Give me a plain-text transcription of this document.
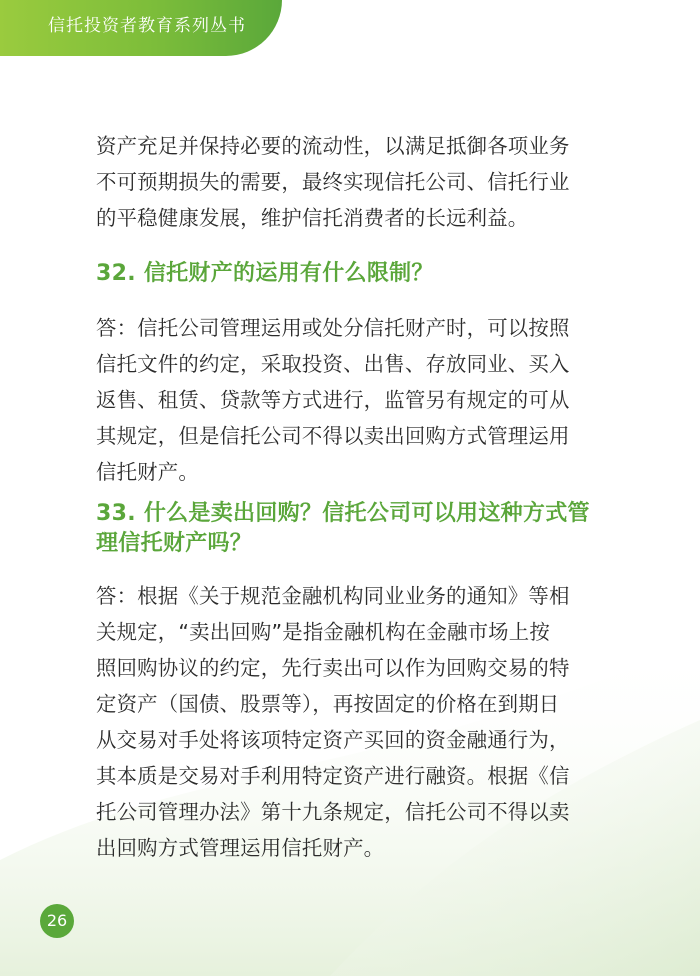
信托投资者教育系列丛书
资产充足并保持必要的流动性，以满足抵御各项业务
不可预期损失的需要，最终实现信托公司、信托行业
的平稳健康发展，维护信托消费者的长远利益。
32. 信托财产的运用有什么限制？
答：信托公司管理运用或处分信托财产时，可以按照
信托文件的约定，采取投资、出售、存放同业、买入
返售、租赁、贷款等方式进行，监管另有规定的可从
其规定，但是信托公司不得以卖出回购方式管理运用
信托财产。
33. 什么是卖出回购？信托公司可以用这种方式管
理信托财产吗？
答：根据《关于规范金融机构同业业务的通知》等相
关规定，“卖出回购”是指金融机构在金融市场上按
照回购协议的约定，先行卖出可以作为回购交易的特
定资产（国债、股票等），再按固定的价格在到期日
从交易对手处将该项特定资产买回的资金融通行为，
其本质是交易对手利用特定资产进行融资。根据《信
托公司管理办法》第十九条规定，信托公司不得以卖
出回购方式管理运用信托财产。
26
